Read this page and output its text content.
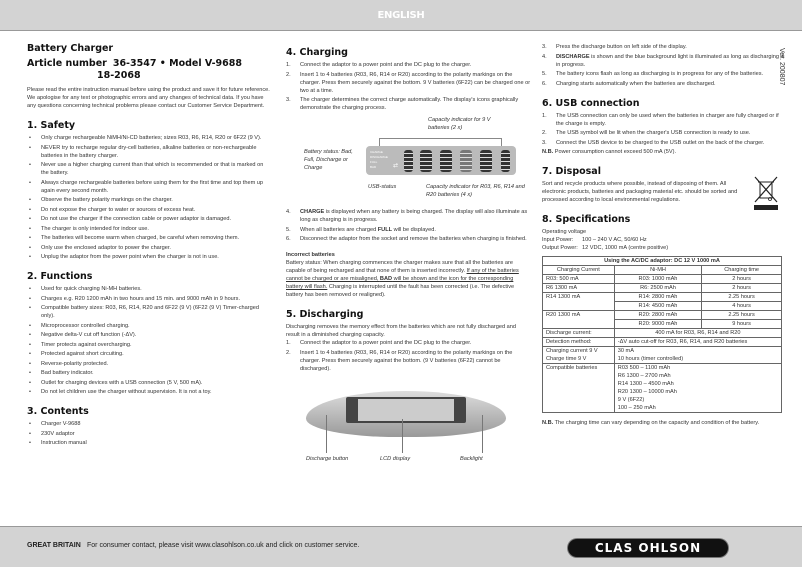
ENGLISH
Ver. 200807
Battery Charger
Article number 36-3547 • Model V-9688
18-2068

Please read the entire instruction manual before using the product and save it for future reference. We apologise for any text or photographic errors and any changes of technical data. If you have any questions concerning technical problems please contact our Customer Service Department.

1. Safety
• Only charge rechargeable NiMH/Ni-CD batteries; sizes R03, R6, R14, R20 or 6F22 (9 V).
• NEVER try to recharge regular dry-cell batteries, alkaline batteries or non-rechargeable batteries in the battery charger.
• Never use a higher charging current than that which is recommended or that is marked on the battery.
• Always charge rechargeable batteries before using them for the first time and top them up again every second month.
• Observe the battery polarity markings on the charger.
• Do not expose the charger to water or sources of excess heat.
• Do not use the charger if the connection cable or power adaptor is damaged.
• The charger is only intended for indoor use.
• The batteries will become warm when charged, be careful when removing them.
• Only use the enclosed adaptor to power the charger.
• Unplug the adaptor from the power point when the charger is not in use.
2. Functions
• Used for quick charging Ni-MH batteries.
• Charges e.g. R20 1200 mAh in two hours and 15 min. and 9000 mAh in 9 hours.
• Compatible battery sizes: R03, R6, R14, R20 and 6F22 (9 V) (6F22 (9 V) Timer-charged only).
• Microprocessor controlled charging.
• Negative delta-V cut off function (-ΔV).
• Timer protects against overcharging.
• Protected against short circuiting.
• Reverse-polarity protected.
• Bad battery indicator.
• Outlet for charging devices with a USB connection (5 V, 500 mA).
• Do not let children use the charger without supervision. It is not a toy.
3. Contents
• Charger V-9688
• 230V adaptor
• Instruction manual
4. Charging
1. Connect the adaptor to a power point and the DC plug to the charger.
2. Insert 1 to 4 batteries (R03, R6, R14 or R20) according to the polarity markings on the charger. Press them securely against the bottom. 9 V batteries (6F22) can be charged one or two at a time.
3. The charger determines the correct charge automatically. The display's icons graphically demonstrate the charging process.
Capacity indicator for 9 V batteries (2 x)
Battery status: Bad, Full, Discharge or Charge
CHARGE
DISCHARGE
FULL
BAD	⇄
USB-status	Capacity indicator for R03, R6, R14 and R20 batteries (4 x)
4. CHARGE is displayed when any battery is being charged. The display will also illuminate as long as charging is in progress.
5. When all batteries are charged FULL will be displayed.
6. Disconnect the adaptor from the socket and remove the batteries when charging is finished.
Incorrect batteries

Battery status: When charging commences the charger makes sure that all the batteries are capable of being recharged and that none of them is inserted incorrectly. If any of the batteries cannot be charged or are misaligned, BAD will be shown and the icon for the corresponding battery will flash. Charging is interrupted until the fault has been corrected (i.e. The defective battery has been removed or realigned).

5. Discharging

Discharging removes the memory effect from the batteries which are not fully discharged and result in a diminished charging capacity.

1. Connect the adaptor to a power point and the DC plug to the charger.
2. Insert 1 to 4 batteries (R03, R6, R14 or R20) according to the polarity markings on the charger. Press them securely against the bottom. (9 V batteries (6F22) cannot be discharged).
Discharge button	LCD display	Backlight
3. Press the discharge button on left side of the display.
4. DISCHARGE is shown and the blue background light is illuminated as long as discharging is in progress.
5. The battery icons flash as long as discharging is in progress for any of the batteries.
6. Charging starts automatically when the batteries are discharged.
6. USB connection
1. The USB connection can only be used when the batteries in charger are fully charged or if the charge is empty.
2. The USB symbol will be lit when the charger's USB connection is ready to use.
3. Connect the USB device to be charged to the USB outlet on the back of the charger.

N.B. Power consumption cannot exceed 500 mA (5V).

7. Disposal

Sort and recycle products where possible, instead of disposing of them. All electronic products, batteries and packaging material etc. should be sorted and processed according to local environmental regulations.

8. Specifications

Operating voltage

Input Power:	100 – 240 V AC, 50/60 Hz
Output Power: 12 VDC, 1000 mA (centre positive)
Using the AC/DC adaptor: DC 12 V 1000 mA		
Charging Current	Ni-MH	Charging time
R03: 500 mA	R03: 1000 mAh	2 hours
R6 1300 mA	R6: 2500 mAh	2 hours
R14 1300 mA	R14: 2800 mAh	2.25 hours
	R14: 4500 mAh	4 hours
R20 1300 mA	R20: 2800 mAh	2.25 hours
	R20: 9000 mAh	9 hours
Discharge current:	400 mA for R03, R6, R14 and R20	
Detection method:	-ΔV auto cut-off for R03, R6, R14, and R20 batteries	
Charging current 9 V	30 mA	
Charge time 9 V	10 hours (timer controlled)	
Compatible batteries	R03 500 – 1100 mAh
R6 1300 – 2700 mAh
R14 1300 – 4500 mAh
R20 1300 – 10000 mAh
9 V (6F22)
100 – 250 mAh

N.B. The charging time can vary depending on the capacity and condition of the battery.

GREAT BRITAIN For consumer contact, please visit www.clasohlson.co.uk and click on customer service.	CLAS OHLSON
